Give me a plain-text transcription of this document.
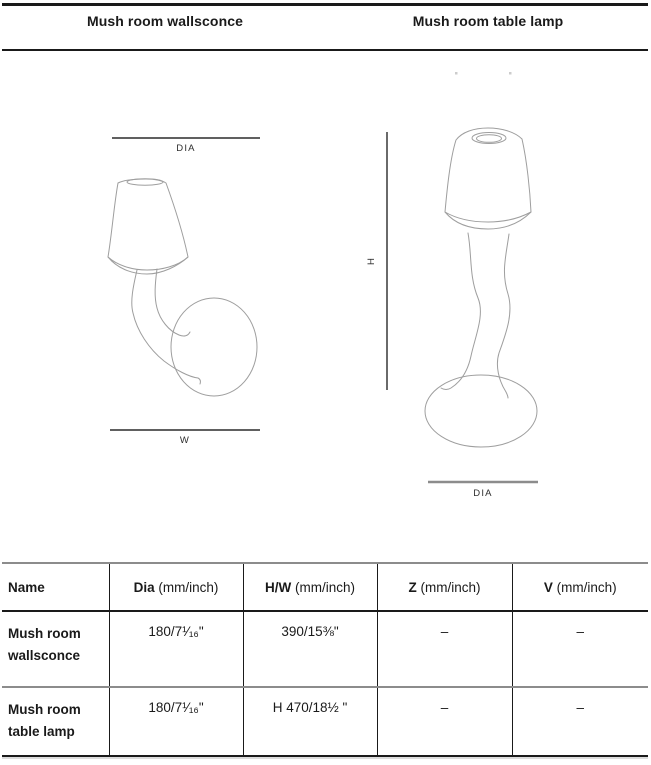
Mush room wallsconce	Mush room table lamp
DIA
W
H
DIA
Name	Dia (mm/inch)	H/W (mm/inch)	Z (mm/inch)	V (mm/inch)
Mush room wallsconce	180/7¹⁄₁₆"	390/15⅜"	–	–
Mush room table lamp	180/7¹⁄₁₆"	H 470/18½ "	–	–
